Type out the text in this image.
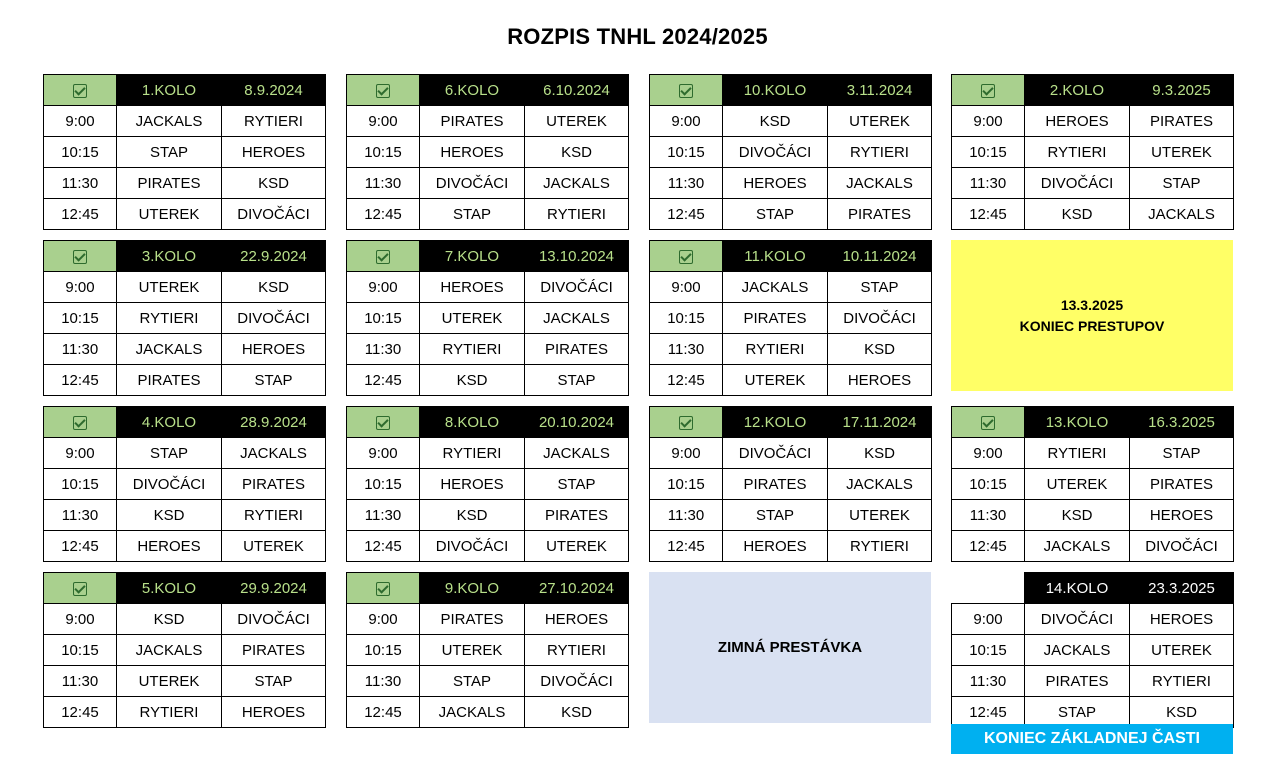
ROZPIS TNHL 2024/2025
	1.KOLO	8.9.2024
9:00	JACKALS	RYTIERI
10:15	STAP	HEROES
11:30	PIRATES	KSD
12:45	UTEREK	DIVOČÁCI
	6.KOLO	6.10.2024
9:00	PIRATES	UTEREK
10:15	HEROES	KSD
11:30	DIVOČÁCI	JACKALS
12:45	STAP	RYTIERI
	10.KOLO	3.11.2024
9:00	KSD	UTEREK
10:15	DIVOČÁCI	RYTIERI
11:30	HEROES	JACKALS
12:45	STAP	PIRATES
	2.KOLO	9.3.2025
9:00	HEROES	PIRATES
10:15	RYTIERI	UTEREK
11:30	DIVOČÁCI	STAP
12:45	KSD	JACKALS
	3.KOLO	22.9.2024
9:00	UTEREK	KSD
10:15	RYTIERI	DIVOČÁCI
11:30	JACKALS	HEROES
12:45	PIRATES	STAP
	7.KOLO	13.10.2024
9:00	HEROES	DIVOČÁCI
10:15	UTEREK	JACKALS
11:30	RYTIERI	PIRATES
12:45	KSD	STAP
	11.KOLO	10.11.2024
9:00	JACKALS	STAP
10:15	PIRATES	DIVOČÁCI
11:30	RYTIERI	KSD
12:45	UTEREK	HEROES
	4.KOLO	28.9.2024
9:00	STAP	JACKALS
10:15	DIVOČÁCI	PIRATES
11:30	KSD	RYTIERI
12:45	HEROES	UTEREK
	8.KOLO	20.10.2024
9:00	RYTIERI	JACKALS
10:15	HEROES	STAP
11:30	KSD	PIRATES
12:45	DIVOČÁCI	UTEREK
	12.KOLO	17.11.2024
9:00	DIVOČÁCI	KSD
10:15	PIRATES	JACKALS
11:30	STAP	UTEREK
12:45	HEROES	RYTIERI
	13.KOLO	16.3.2025
9:00	RYTIERI	STAP
10:15	UTEREK	PIRATES
11:30	KSD	HEROES
12:45	JACKALS	DIVOČÁCI
	5.KOLO	29.9.2024
9:00	KSD	DIVOČÁCI
10:15	JACKALS	PIRATES
11:30	UTEREK	STAP
12:45	RYTIERI	HEROES
	9.KOLO	27.10.2024
9:00	PIRATES	HEROES
10:15	UTEREK	RYTIERI
11:30	STAP	DIVOČÁCI
12:45	JACKALS	KSD
	14.KOLO	23.3.2025
9:00	DIVOČÁCI	HEROES
10:15	JACKALS	UTEREK
11:30	PIRATES	RYTIERI
12:45	STAP	KSD
13.3.2025
KONIEC PRESTUPOV
ZIMNÁ PRESTÁVKA
KONIEC ZÁKLADNEJ ČASTI
